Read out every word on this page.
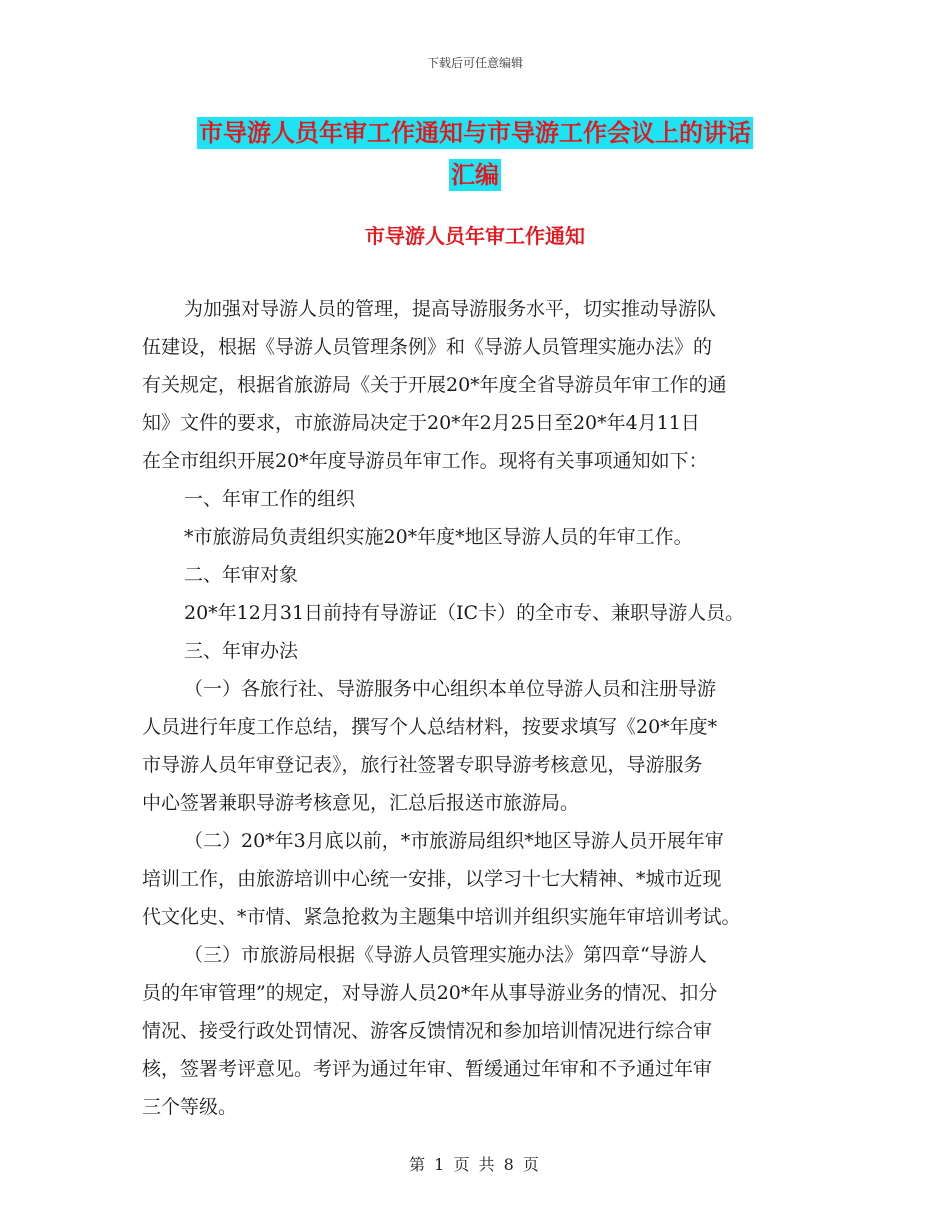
下载后可任意编辑
市导游人员年审工作通知与市导游工作会议上的讲话
汇编
市导游人员年审工作通知
为加强对导游人员的管理，提高导游服务水平，切实推动导游队
伍建设，根据《导游人员管理条例》和《导游人员管理实施办法》的
有关规定，根据省旅游局《关于开展20*年度全省导游员年审工作的通
知》文件的要求，市旅游局决定于20*年2月25日至20*年4月11日
在全市组织开展20*年度导游员年审工作。现将有关事项通知如下：
一、年审工作的组织
*市旅游局负责组织实施20*年度*地区导游人员的年审工作。
二、年审对象
20*年12月31日前持有导游证（IC卡）的全市专、兼职导游人员。
三、年审办法
（一）各旅行社、导游服务中心组织本单位导游人员和注册导游
人员进行年度工作总结，撰写个人总结材料，按要求填写《20*年度*
市导游人员年审登记表》，旅行社签署专职导游考核意见，导游服务
中心签署兼职导游考核意见，汇总后报送市旅游局。
（二）20*年3月底以前，*市旅游局组织*地区导游人员开展年审
培训工作，由旅游培训中心统一安排，以学习十七大精神、*城市近现
代文化史、*市情、紧急抢救为主题集中培训并组织实施年审培训考试。
（三）市旅游局根据《导游人员管理实施办法》第四章“导游人
员的年审管理”的规定，对导游人员20*年从事导游业务的情况、扣分
情况、接受行政处罚情况、游客反馈情况和参加培训情况进行综合审
核，签署考评意见。考评为通过年审、暂缓通过年审和不予通过年审
三个等级。
第 1 页 共 8 页
